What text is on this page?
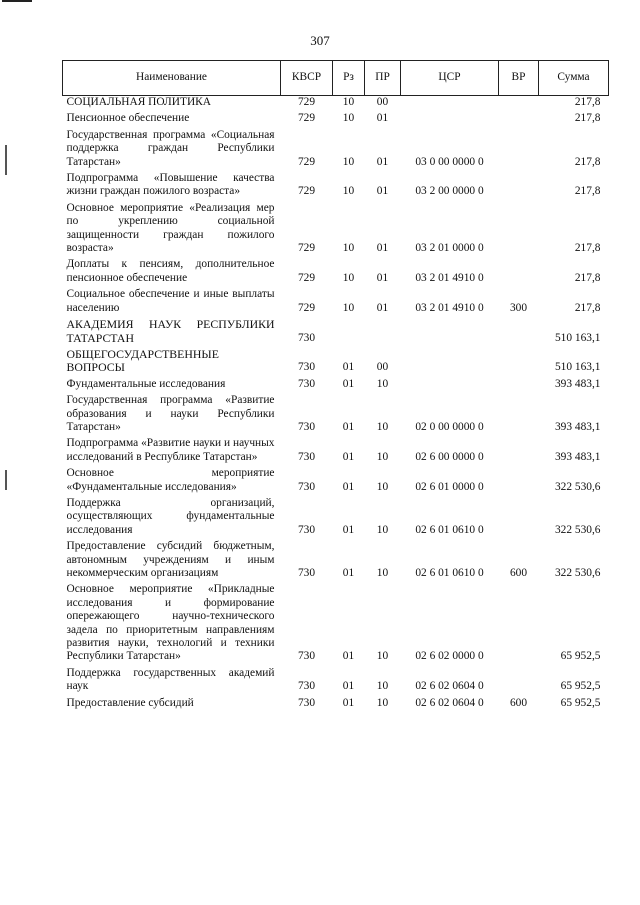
307
Наименование	КВСР	Рз	ПР	ЦСР	ВР	Сумма
СОЦИАЛЬНАЯ ПОЛИТИКА	729	10	00			217,8
Пенсионное обеспечение	729	10	01			217,8
Государственная программа «Социальная поддержка граждан Республики Татарстан»	729	10	01	03 0 00 0000 0		217,8
Подпрограмма «Повышение качества жизни граждан пожилого возраста»	729	10	01	03 2 00 0000 0		217,8
Основное мероприятие «Реализация мер по укреплению социальной защищенности граждан пожилого возраста»	729	10	01	03 2 01 0000 0		217,8
Доплаты к пенсиям, дополнительное пенсионное обеспечение	729	10	01	03 2 01 4910 0		217,8
Социальное обеспечение и иные выплаты населению	729	10	01	03 2 01 4910 0	300	217,8
АКАДЕМИЯ НАУК РЕСПУБЛИКИ ТАТАРСТАН	730					510 163,1
ОБЩЕГОСУДАРСТВЕННЫЕ ВОПРОСЫ	730	01	00			510 163,1
Фундаментальные исследования	730	01	10			393 483,1
Государственная программа «Развитие образования и науки Республики Татарстан»	730	01	10	02 0 00 0000 0		393 483,1
Подпрограмма «Развитие науки и научных исследований в Республике Татарстан»	730	01	10	02 6 00 0000 0		393 483,1
Основное мероприятие «Фундаментальные исследования»	730	01	10	02 6 01 0000 0		322 530,6
Поддержка организаций, осуществляющих фундаментальные исследования	730	01	10	02 6 01 0610 0		322 530,6
Предоставление субсидий бюджетным, автономным учреждениям и иным некоммерческим организациям	730	01	10	02 6 01 0610 0	600	322 530,6
Основное мероприятие «Прикладные исследования и формирование опережающего научно-технического задела по приоритетным направлениям развития науки, технологий и техники Республики Татарстан»	730	01	10	02 6 02 0000 0		65 952,5
Поддержка государственных академий наук	730	01	10	02 6 02 0604 0		65 952,5
Предоставление субсидий	730	01	10	02 6 02 0604 0	600	65 952,5
